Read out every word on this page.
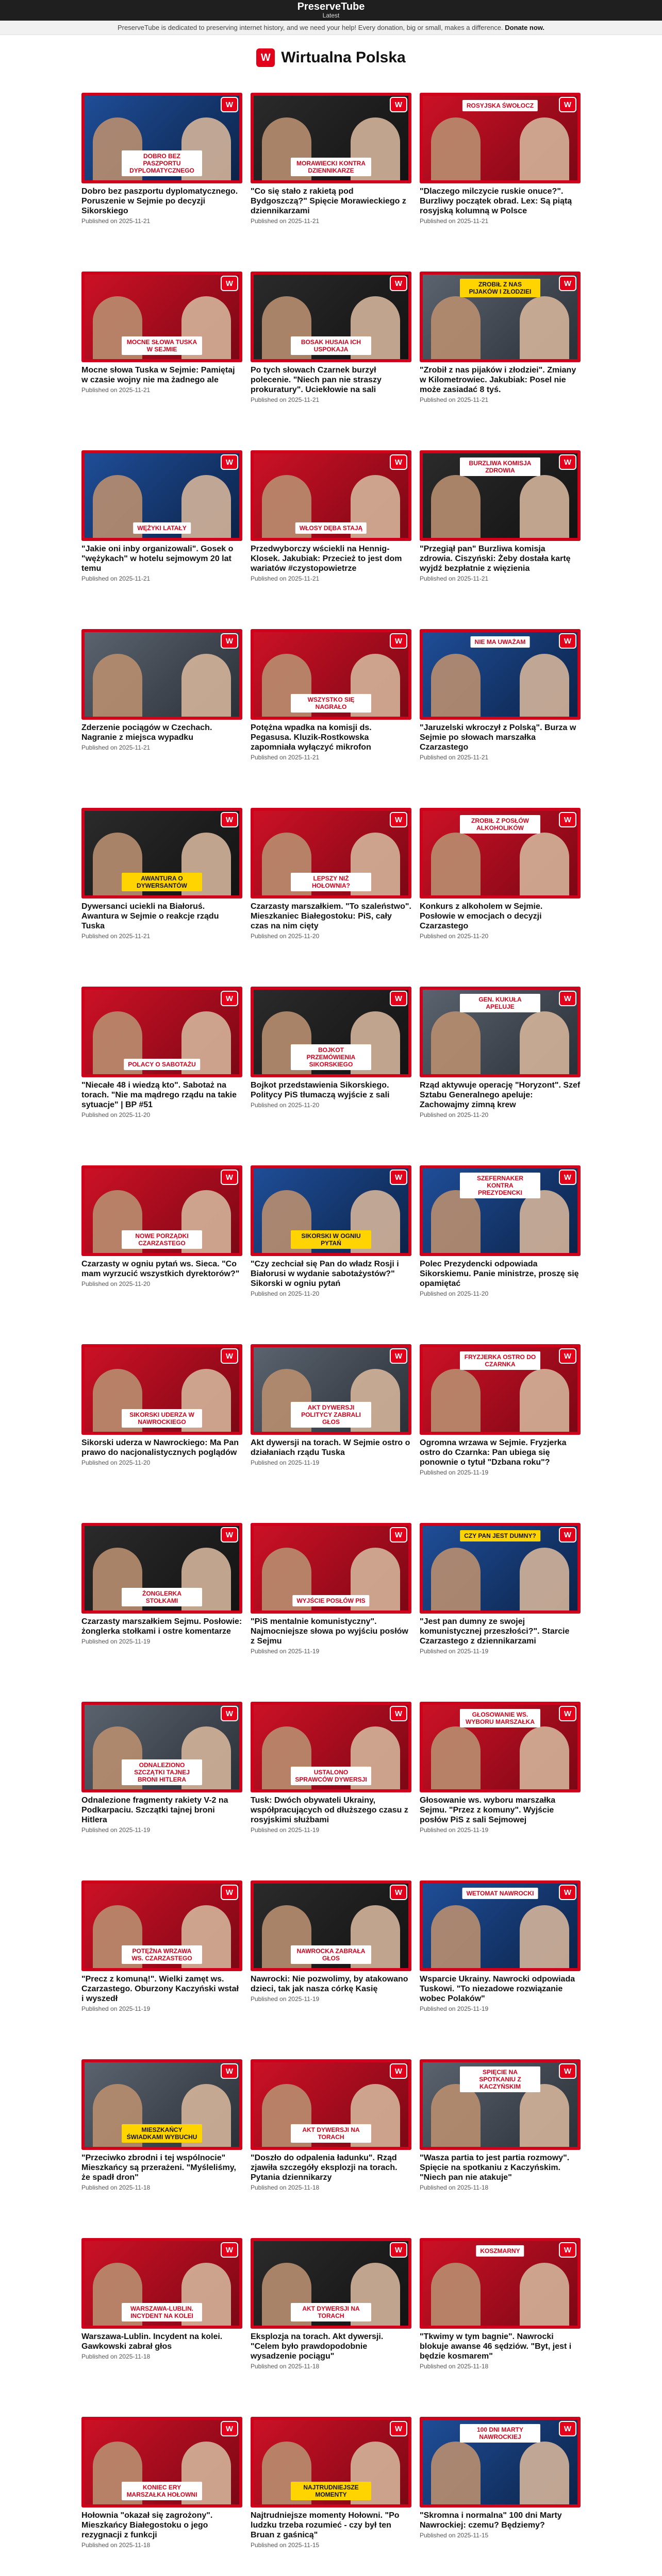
PreserveTube
Latest
PreserveTube is dedicated to preserving internet history, and we need your help! Every donation, big or small, makes a difference. Donate now.
W Wirtualna Polska
W
DOBRO BEZ PASZPORTU DYPLOMATYCZNEGO
Dobro bez paszportu dyplomatycznego. Poruszenie w Sejmie po decyzji Sikorskiego
Published on 2025-11-21
W
MORAWIECKI KONTRA DZIENNIKARZE
"Co się stało z rakietą pod Bydgoszczą?" Spięcie Morawieckiego z dziennikarzami
Published on 2025-11-21
W
ROSYJSKA ŚWOŁOCZ
"Dlaczego milczycie ruskie onuce?". Burzliwy początek obrad. Lex: Są piątą rosyjską kolumną w Polsce
Published on 2025-11-21
W
MOCNE SŁOWA TUSKA W SEJMIE
Mocne słowa Tuska w Sejmie: Pamiętaj w czasie wojny nie ma żadnego ale
Published on 2025-11-21
W
BOSAK HUSAIA ICH USPOKAJA
Po tych słowach Czarnek burzył polecenie. "Niech pan nie straszy prokuratury". Uciekłowie na sali
Published on 2025-11-21
W
ZROBIŁ Z NAS PIJAKÓW I ZŁODZIEI
"Zrobił z nas pijaków i złodziei". Zmiany w Kilometrowiec. Jakubiak: Posel nie może zasiadać 8 tyś.
Published on 2025-11-21
W
WĘŻYKI LATAŁY
"Jakie oni inby organizowali". Gosek o "wężykach" w hotelu sejmowym 20 lat temu
Published on 2025-11-21
W
WŁOSY DĘBA STAJĄ
Przedwyborczy wściekli na Hennig-Klosek. Jakubiak: Przecież to jest dom wariatów #czystopowietrze
Published on 2025-11-21
W
BURZLIWA KOMISJA ZDROWIA
"Przegiął pan" Burzliwa komisja zdrowia. Ciszyński: Żeby dostała kartę wyjdź bezpłatnie z więzienia
Published on 2025-11-21
W
Zderzenie pociągów w Czechach. Nagranie z miejsca wypadku
Published on 2025-11-21
W
WSZYSTKO SIĘ NAGRAŁO
Potężna wpadka na komisji ds. Pegasusa. Kluzik-Rostkowska zapomniała wyłączyć mikrofon
Published on 2025-11-21
W
NIE MA UWAŻAM
"Jaruzelski wkroczył z Polską". Burza w Sejmie po słowach marszałka Czarzastego
Published on 2025-11-21
W
AWANTURA O DYWERSANTÓW
Dywersanci uciekli na Białoruś. Awantura w Sejmie o reakcje rządu Tuska
Published on 2025-11-21
W
LEPSZY NIŻ HOŁOWNIA?
Czarzasty marszałkiem. "To szaleństwo". Mieszkaniec Białegostoku: PiS, cały czas na nim cięty
Published on 2025-11-20
W
ZROBIŁ Z POSŁÓW ALKOHOLIKÓW
Konkurs z alkoholem w Sejmie. Posłowie w emocjach o decyzji Czarzastego
Published on 2025-11-20
W
POLACY O SABOTAŻU
"Niecałe 48 i wiedzą kto". Sabotaż na torach. "Nie ma mądrego rządu na takie sytuacje" | BP #51
Published on 2025-11-20
W
BOJKOT PRZEMÓWIENIA SIKORSKIEGO
Bojkot przedstawienia Sikorskiego. Politycy PiS tłumaczą wyjście z sali
Published on 2025-11-20
W
GEN. KUKUŁA APELUJE
Rząd aktywuje operację "Horyzont". Szef Sztabu Generalnego apeluje: Zachowajmy zimną krew
Published on 2025-11-20
W
NOWE PORZĄDKI CZARZASTEGO
Czarzasty w ogniu pytań ws. Sieca. "Co mam wyrzucić wszystkich dyrektorów?"
Published on 2025-11-20
W
SIKORSKI W OGNIU PYTAŃ
"Czy zechciał się Pan do władz Rosji i Białorusi w wydanie sabotażystów?" Sikorski w ogniu pytań
Published on 2025-11-20
W
SZEFERNAKER KONTRA PREZYDENCKI
Polec Prezydencki odpowiada Sikorskiemu. Panie ministrze, proszę się opamiętać
Published on 2025-11-20
W
SIKORSKI UDERZA W NAWROCKIEGO
Sikorski uderza w Nawrockiego: Ma Pan prawo do nacjonalistycznych poglądów
Published on 2025-11-20
W
AKT DYWERSJI POLITYCY ZABRALI GŁOS
Akt dywersji na torach. W Sejmie ostro o działaniach rządu Tuska
Published on 2025-11-19
W
FRYZJERKA OSTRO DO CZARNKA
Ogromna wrzawa w Sejmie. Fryzjerka ostro do Czarnka: Pan ubiega się ponownie o tytuł "Dzbana roku"?
Published on 2025-11-19
W
ŻONGLERKA STOŁKAMI
Czarzasty marszałkiem Sejmu. Posłowie: żonglerka stołkami i ostre komentarze
Published on 2025-11-19
W
WYJŚCIE POSŁÓW PIS
"PiS mentalnie komunistyczny". Najmocniejsze słowa po wyjściu posłów z Sejmu
Published on 2025-11-19
W
CZY PAN JEST DUMNY?
"Jest pan dumny ze swojej komunistycznej przeszłości?". Starcie Czarzastego z dziennikarzami
Published on 2025-11-19
W
ODNALEZIONO SZCZĄTKI TAJNEJ BRONI HITLERA
Odnalezione fragmenty rakiety V-2 na Podkarpaciu. Szczątki tajnej broni Hitlera
Published on 2025-11-19
W
USTALONO SPRAWCÓW DYWERSJI
Tusk: Dwóch obywateli Ukrainy, współpracujących od dłuższego czasu z rosyjskimi służbami
Published on 2025-11-19
W
GŁOSOWANIE WS. WYBORU MARSZAŁKA
Głosowanie ws. wyboru marszałka Sejmu. "Przez z komuny". Wyjście posłów PiS z sali Sejmowej
Published on 2025-11-19
W
POTĘŻNA WRZAWA WS. CZARZASTEGO
"Precz z komuną!". Wielki zamęt ws. Czarzastego. Oburzony Kaczyński wstał i wyszedł
Published on 2025-11-19
W
NAWROCKA ZABRAŁA GŁOS
Nawrocki: Nie pozwolimy, by atakowano dzieci, tak jak nasza córkę Kasię
Published on 2025-11-19
W
WETOMAT NAWROCKI
Wsparcie Ukrainy. Nawrocki odpowiada Tuskowi. "To niezadowe rozwiązanie wobec Polaków"
Published on 2025-11-19
W
MIESZKAŃCY ŚWIADKAMI WYBUCHU
"Przeciwko zbrodni i tej wspólnocie" Mieszkańcy są przerażeni. "Myśleliśmy, że spadł dron"
Published on 2025-11-18
W
AKT DYWERSJI NA TORACH
"Doszło do odpalenia ładunku". Rząd zjawiła szczegóły eksplozji na torach. Pytania dziennikarzy
Published on 2025-11-18
W
SPIĘCIE NA SPOTKANIU Z KACZYŃSKIM
"Wasza partia to jest partia rozmowy". Spięcie na spotkaniu z Kaczyńskim. "Niech pan nie atakuje"
Published on 2025-11-18
W
WARSZAWA-LUBLIN. INCYDENT NA KOLEI
Warszawa-Lublin. Incydent na kolei. Gawkowski zabrał głos
Published on 2025-11-18
W
AKT DYWERSJI NA TORACH
Eksplozja na torach. Akt dywersji. "Celem było prawdopodobnie wysadzenie pociągu"
Published on 2025-11-18
W
KOSZMARNY
"Tkwimy w tym bagnie". Nawrocki blokuje awanse 46 sędziów. "Byt, jest i będzie kosmarem"
Published on 2025-11-18
W
KONIEC ERY MARSZAŁKA HOŁOWNI
Hołownia "okazał się zagrożony". Mieszkańcy Białegostoku o jego rezygnacji z funkcji
Published on 2025-11-18
W
NAJTRUDNIEJSZE MOMENTY
Najtrudniejsze momenty Hołowni. "Po ludzku trzeba rozumieć - czy był ten Bruan z gaśnicą"
Published on 2025-11-15
W
100 DNI MARTY NAWROCKIEJ
"Skromna i normalna" 100 dni Marty Nawrockiej: czemu? Będziemy?
Published on 2025-11-15
